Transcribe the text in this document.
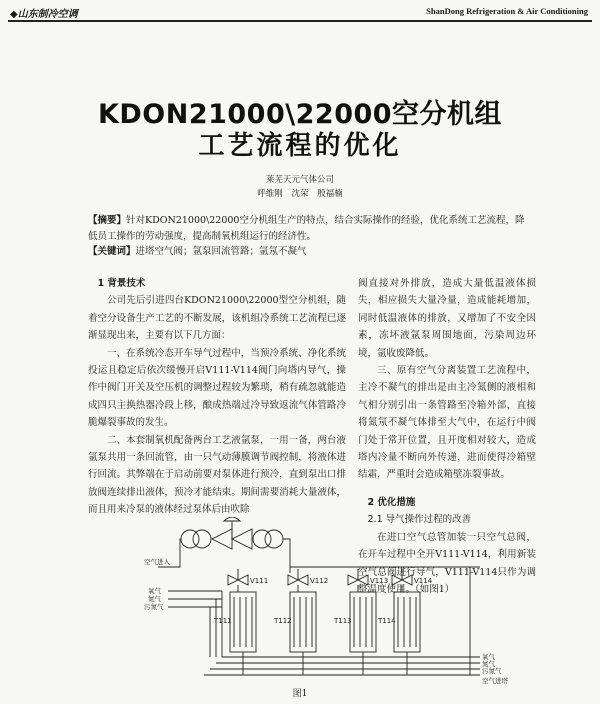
◆山东制冷空调	ShanDong Refrigeration & Air Conditioning
KDON21000\22000空分机组
工艺流程的优化
莱芜天元气体公司
呼维刚 沈荣 殷福楠

【摘要】针对KDON21000\22000空分机组生产的特点，结合实际操作的经验，优化系统工艺流程，降低员工操作的劳动强度，提高制氧机组运行的经济性。

【关键词】进塔空气阀；氩泵回流管路；氩氖不凝气

1 背景技术

公司先后引进四台KDON21000\22000型空分机组，随着空分设备生产工艺的不断发展，该机组冷系统工艺流程已逐渐显现出来，主要有以下几方面：

一、在系统冷态开车导气过程中，当预冷系统、净化系统投运且稳定后依次缓慢开启V111-V114阀门向塔内导气，操作中阀门开关及空压机的调整过程较为繁琐，稍有疏忽就能造成四只主换热器冷段上移，酿成热端过冷导致返流气体管路冷脆爆裂事故的发生。

二、本套制氧机配备两台工艺液氩泵，一用一备，两台液氩泵共用一条回流管，由一只气动薄膜调节阀控制，将液体进行回流。其弊端在于启动前要对泵体进行预冷，直到泵出口排放阀连续排出液体，预冷才能结束。期间需要消耗大量液体，而且用来冷泵的液体经过泵体后由吹除

阀直接对外排放，造成大量低温液体损失，相应损失大量冷量，造成能耗增加，同时低温液体的排放，又增加了不安全因素，冻坏液氩泵周围地面，污染周边环境，氩收废降低。

三、原有空气分离装置工艺流程中，主冷不凝气的排出是由主冷氮侧的液相和气相分别引出一条管路至冷箱外部，直接将氮氖不凝气体排至大气中，在运行中阀门处于常开位置，且开度相对较大，造成塔内冷量不断向外传递，进而使得冷箱壁结霜，严重时会造成箱壁冻裂事故。

2 优化措施
2.1 导气操作过程的改善

在进口空气总管加装一只空气总阀，在开车过程中全开V111-V114，利用新装空气总阀进行导气，V111-V114只作为调整温度使用。（如图1）

V111	V112	V113	V114
空气进入
氧气
氮气
污氮气
T111	T112	T113	T114
氧气
氮气
污氮气
空气进塔
图1
